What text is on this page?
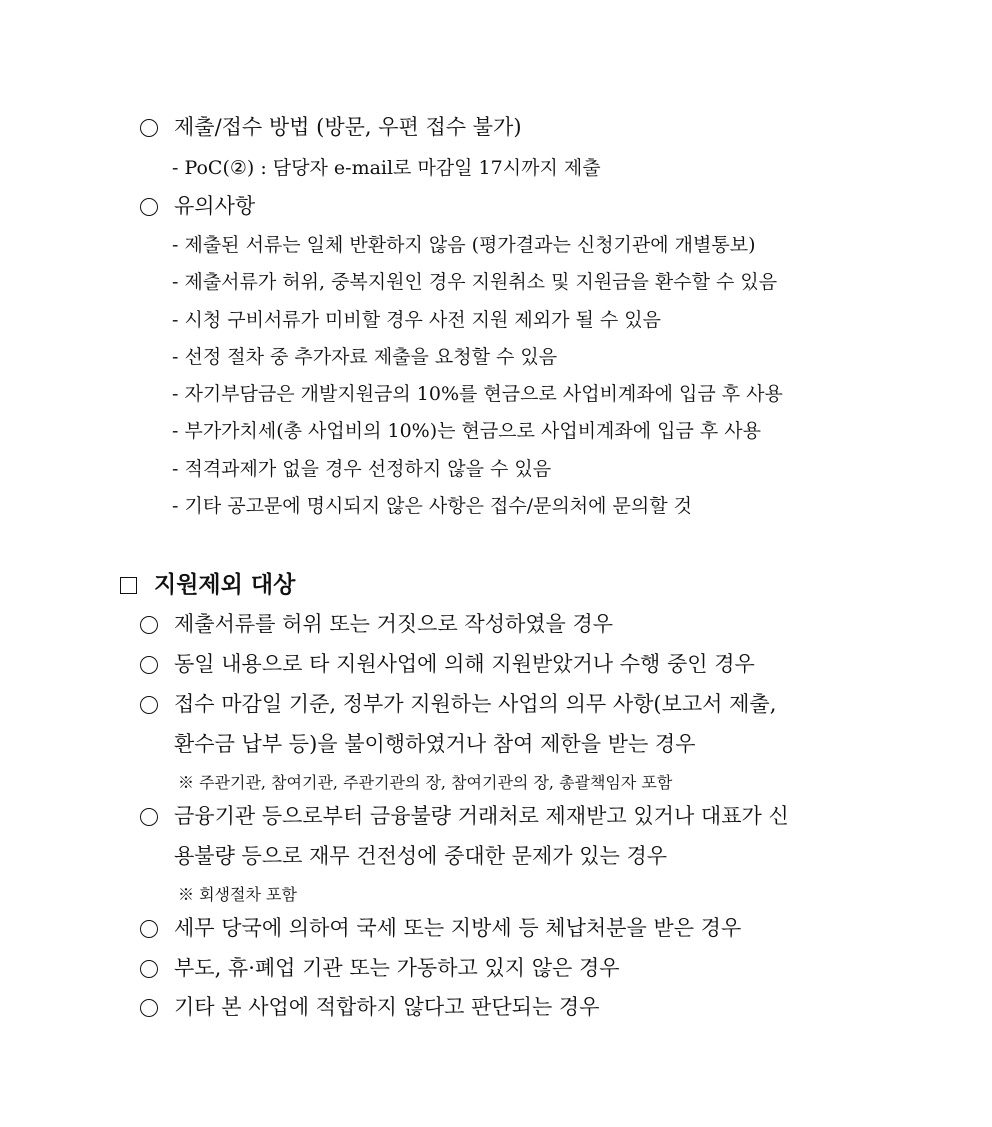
제출/접수 방법 (방문, 우편 접수 불가)
- PoC(②) : 담당자 e-mail로 마감일 17시까지 제출
유의사항
- 제출된 서류는 일체 반환하지 않음 (평가결과는 신청기관에 개별통보)
- 제출서류가 허위, 중복지원인 경우 지원취소 및 지원금을 환수할 수 있음
- 시청 구비서류가 미비할 경우 사전 지원 제외가 될 수 있음
- 선정 절차 중 추가자료 제출을 요청할 수 있음
- 자기부담금은 개발지원금의 10%를 현금으로 사업비계좌에 입금 후 사용
- 부가가치세(총 사업비의 10%)는 현금으로 사업비계좌에 입금 후 사용
- 적격과제가 없을 경우 선정하지 않을 수 있음
- 기타 공고문에 명시되지 않은 사항은 접수/문의처에 문의할 것
지원제외 대상
제출서류를 허위 또는 거짓으로 작성하였을 경우
동일 내용으로 타 지원사업에 의해 지원받았거나 수행 중인 경우
접수 마감일 기준, 정부가 지원하는 사업의 의무 사항(보고서 제출,
환수금 납부 등)을 불이행하였거나 참여 제한을 받는 경우
※ 주관기관, 참여기관, 주관기관의 장, 참여기관의 장, 총괄책임자 포함
금융기관 등으로부터 금융불량 거래처로 제재받고 있거나 대표가 신
용불량 등으로 재무 건전성에 중대한 문제가 있는 경우
※ 회생절차 포함
세무 당국에 의하여 국세 또는 지방세 등 체납처분을 받은 경우
부도, 휴·폐업 기관 또는 가동하고 있지 않은 경우
기타 본 사업에 적합하지 않다고 판단되는 경우
